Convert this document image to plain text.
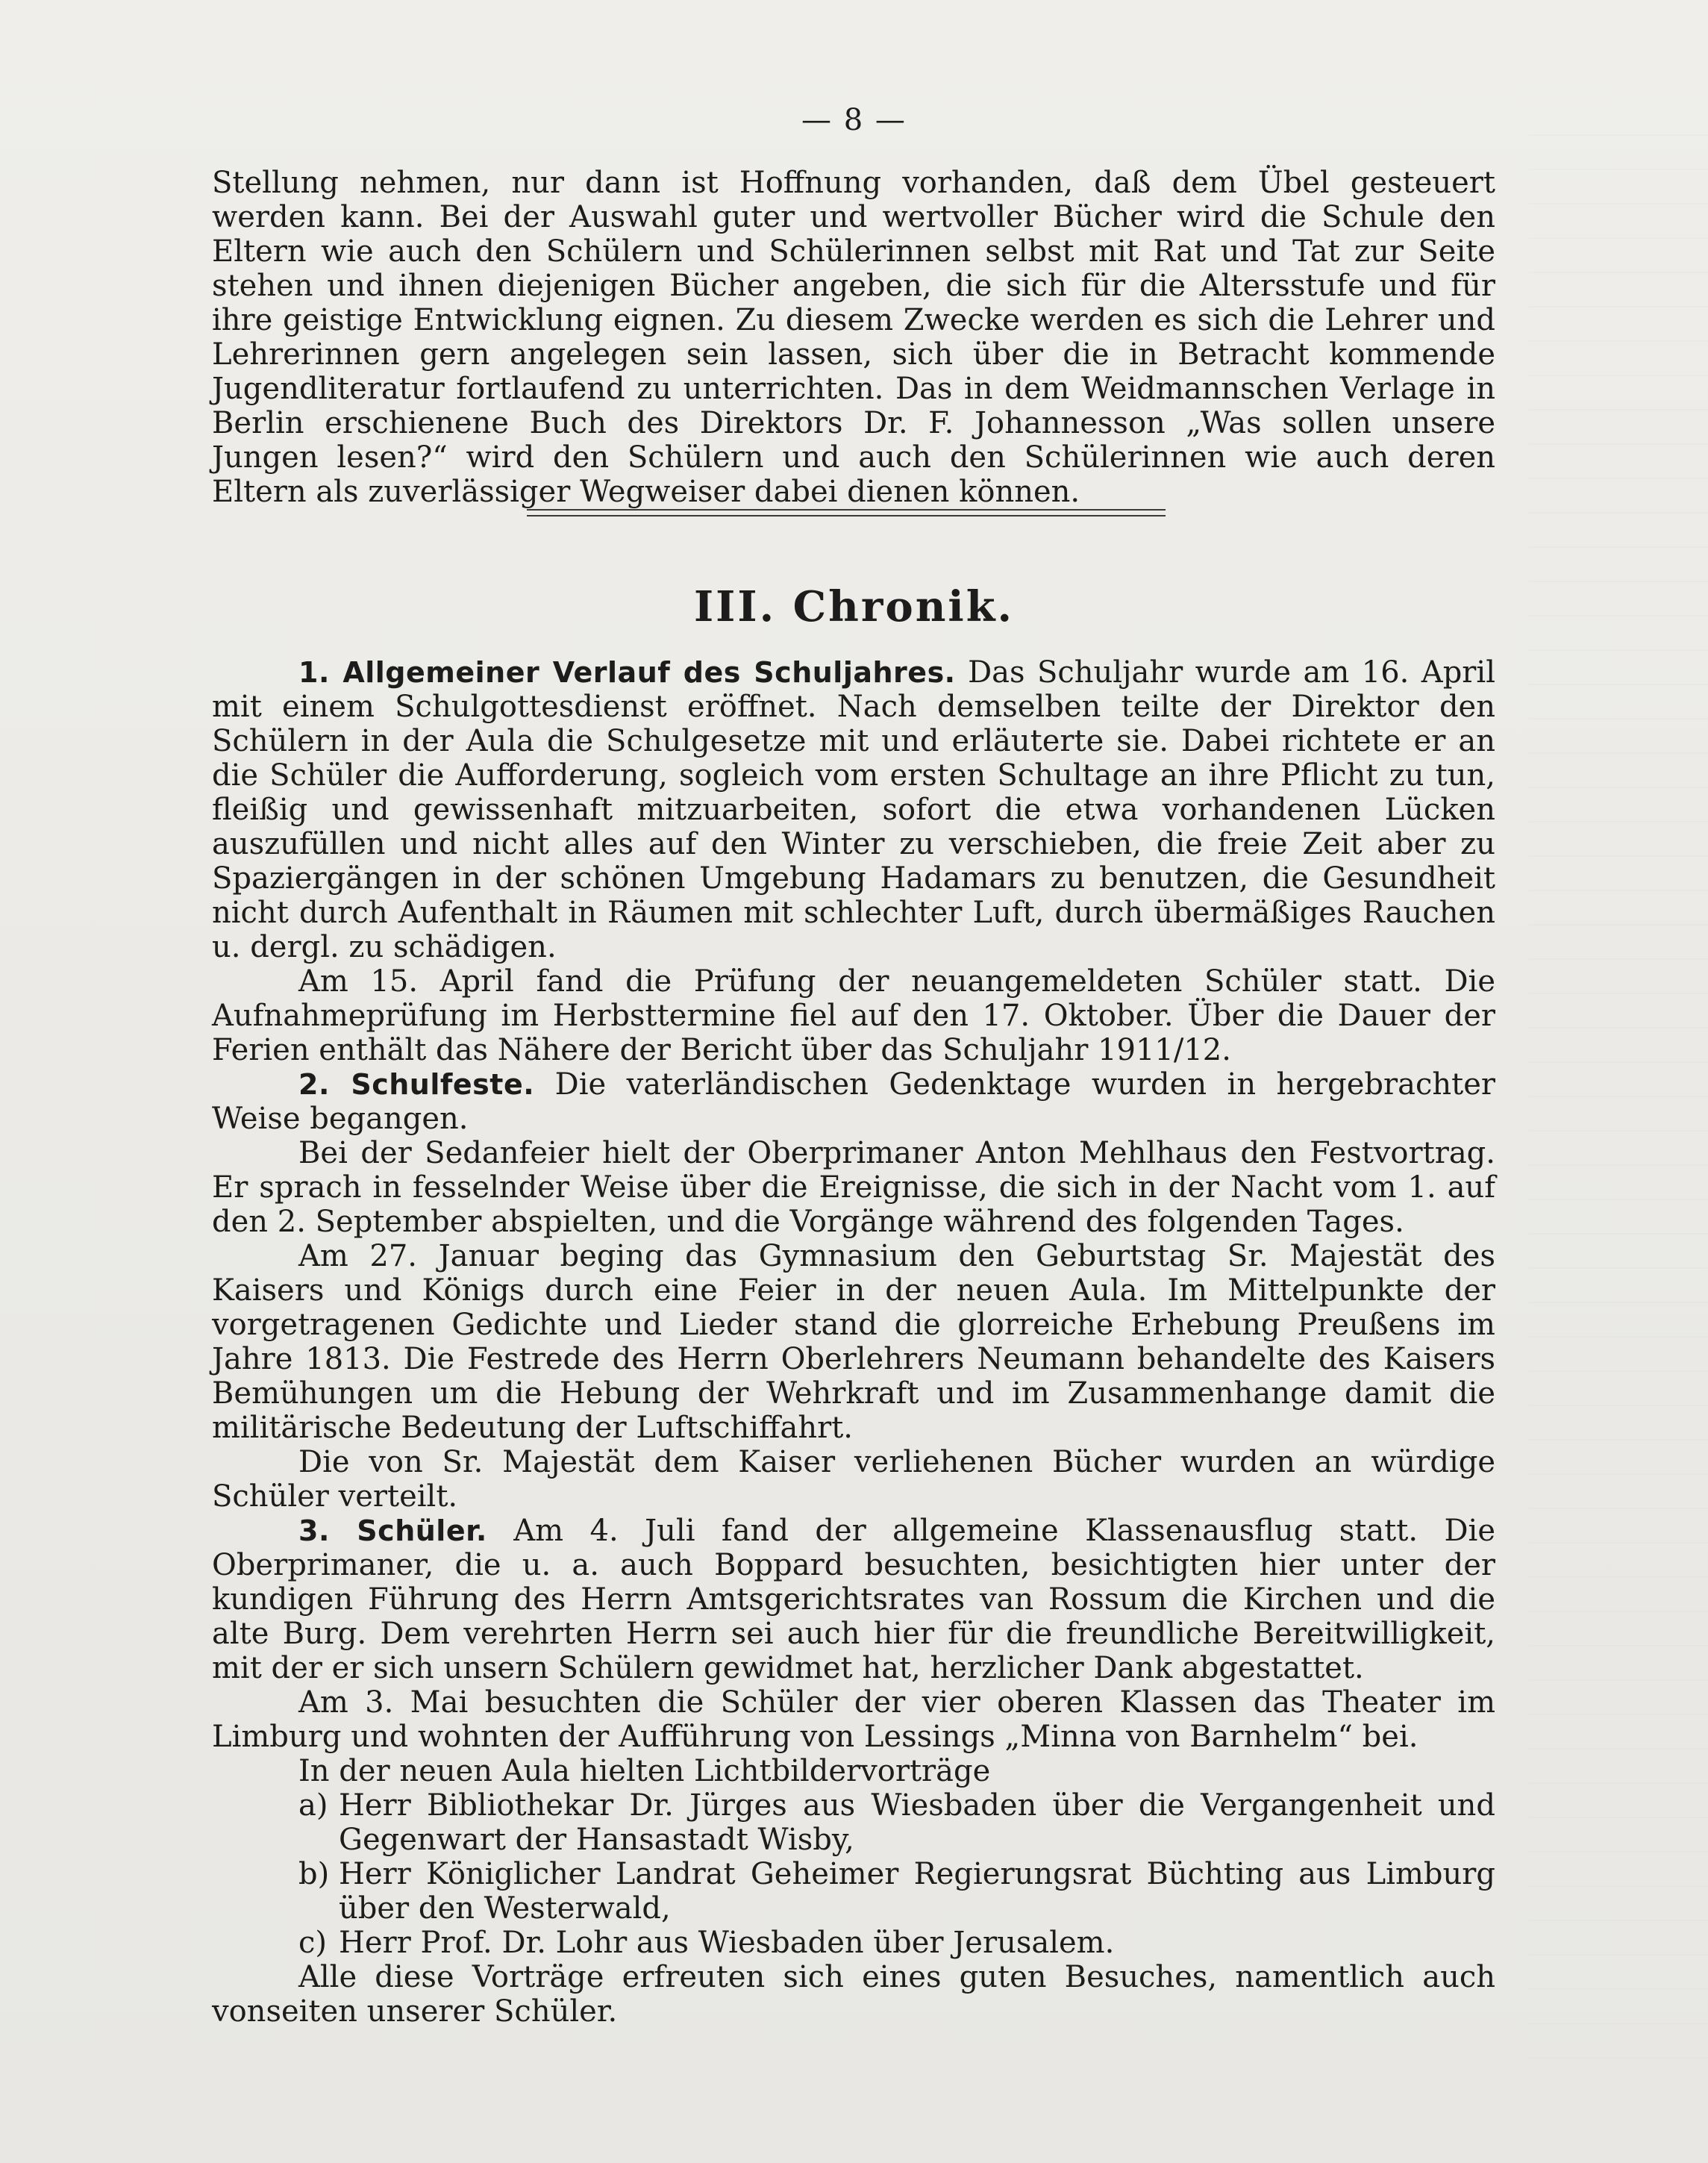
— 8 —

Stellung nehmen, nur dann ist Hoffnung vorhanden, daß dem Übel gesteuert werden kann. Bei der Auswahl guter und wertvoller Bücher wird die Schule den Eltern wie auch den Schülern und Schülerinnen selbst mit Rat und Tat zur Seite stehen und ihnen diejenigen Bücher angeben, die sich für die Altersstufe und für ihre geistige Entwicklung eignen. Zu diesem Zwecke werden es sich die Lehrer und Lehrerinnen gern angelegen sein lassen, sich über die in Betracht kommende Jugendliteratur fortlaufend zu unterrichten. Das in dem Weidmannschen Verlage in Berlin erschienene Buch des Direktors Dr. F. Johannesson „Was sollen unsere Jungen lesen?“ wird den Schülern und auch den Schülerinnen wie auch deren Eltern als zuverlässiger Wegweiser dabei dienen können.

III. Chronik.

1. Allgemeiner Verlauf des Schuljahres. Das Schuljahr wurde am 16. April mit einem Schulgottesdienst eröffnet. Nach demselben teilte der Direktor den Schülern in der Aula die Schulgesetze mit und erläuterte sie. Dabei richtete er an die Schüler die Aufforderung, sogleich vom ersten Schultage an ihre Pflicht zu tun, fleißig und gewissenhaft mitzuarbeiten, sofort die etwa vorhandenen Lücken auszufüllen und nicht alles auf den Winter zu verschieben, die freie Zeit aber zu Spaziergängen in der schönen Umgebung Hadamars zu benutzen, die Gesundheit nicht durch Aufenthalt in Räumen mit schlechter Luft, durch übermäßiges Rauchen u. dergl. zu schädigen.

Am 15. April fand die Prüfung der neuangemeldeten Schüler statt. Die Aufnahmeprüfung im Herbsttermine fiel auf den 17. Oktober. Über die Dauer der Ferien enthält das Nähere der Bericht über das Schuljahr 1911/12.

2. Schulfeste. Die vaterländischen Gedenktage wurden in hergebrachter Weise begangen.

Bei der Sedanfeier hielt der Oberprimaner Anton Mehlhaus den Festvortrag. Er sprach in fesselnder Weise über die Ereignisse, die sich in der Nacht vom 1. auf den 2. September abspielten, und die Vorgänge während des folgenden Tages.

Am 27. Januar beging das Gymnasium den Geburtstag Sr. Majestät des Kaisers und Königs durch eine Feier in der neuen Aula. Im Mittelpunkte der vorgetragenen Gedichte und Lieder stand die glorreiche Erhebung Preußens im Jahre 1813. Die Festrede des Herrn Oberlehrers Neumann behandelte des Kaisers Bemühungen um die Hebung der Wehrkraft und im Zusammenhange damit die militärische Bedeutung der Luftschiffahrt.

Die von Sr. Majestät dem Kaiser verliehenen Bücher wurden an würdige Schüler verteilt.

3. Schüler. Am 4. Juli fand der allgemeine Klassenausflug statt. Die Oberprimaner, die u. a. auch Boppard besuchten, besichtigten hier unter der kundigen Führung des Herrn Amtsgerichtsrates van Rossum die Kirchen und die alte Burg. Dem verehrten Herrn sei auch hier für die freundliche Bereitwilligkeit, mit der er sich unsern Schülern gewidmet hat, herzlicher Dank abgestattet.

Am 3. Mai besuchten die Schüler der vier oberen Klassen das Theater im Limburg und wohnten der Aufführung von Lessings „Minna von Barnhelm“ bei.

In der neuen Aula hielten Lichtbildervorträge

a) Herr Bibliothekar Dr. Jürges aus Wiesbaden über die Vergangenheit und Gegenwart der Hansastadt Wisby,

b) Herr Königlicher Landrat Geheimer Regierungsrat Büchting aus Limburg über den Westerwald,

c) Herr Prof. Dr. Lohr aus Wiesbaden über Jerusalem.

Alle diese Vorträge erfreuten sich eines guten Besuches, namentlich auch vonseiten unserer Schüler.
